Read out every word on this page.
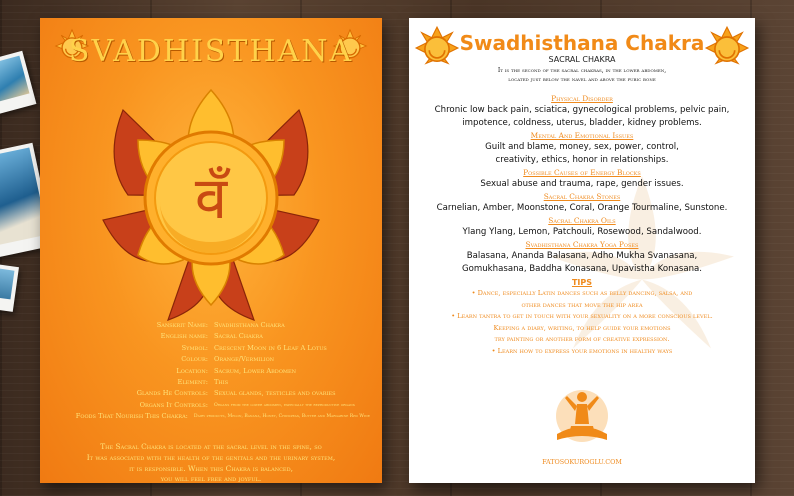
SVADHISTHANA
वँ
Sanskrit Name: Svadhisthana Chakra
English name: Sacral Chakra
Symbol: Crescent Moon in 6 Leaf A Lotus
Colour: Orange/Vermilion
Location: Sacrum, Lower Abdomen
Element: This
Glands He Controls: Sexual glands, testicles and ovaries
Organs It Controls:	Organs from the lower abdomen, especially the reproductive organs
Foods That Nourish This Chakra:	Dairy products, Melon, Banana, Honey, Chickpeas, Butter and Margarine Red Wine
The Sacral Chakra is located at the sacral level in the spine, so
It was associated with the health of the genitals and the urinary system,
it is responsible. When this Chakra is balanced,
you will feel free and joyful.
Swadhisthana Chakra
SACRAL CHAKRA
It is the second of the sacral chakras, in the lower abdomen,
located just below the navel and above the pubic bone
Physical Disorder
Chronic low back pain, sciatica, gynecological problems, pelvic pain,
impotence, coldness, uterus, bladder, kidney problems.
Mental And Emotional Issues
Guilt and blame, money, sex, power, control,
creativity, ethics, honor in relationships.
Possible Causes of Energy Blocks
Sexual abuse and trauma, rape, gender issues.
Sacral Chakra Stones
Carnelian, Amber, Moonstone, Coral, Orange Tourmaline, Sunstone.
Sacral Chakra Oils
Ylang Ylang, Lemon, Patchouli, Rosewood, Sandalwood.
Svadhisthana Chakra Yoga Poses
Balasana, Ananda Balasana, Adho Mukha Svanasana,
Gomukhasana, Baddha Konasana, Upavistha Konasana.
TIPS
• Dance, especially Latin dances such as belly dancing, salsa, and
other dances that move the hip area
• Learn tantra to get in touch with your sexuality on a more conscious level.
Keeping a diary, writing, to help guide your emotions
try painting or another form of creative expression.
• Learn how to express your emotions in healthy ways
FATOSOKUROGLU.COM
